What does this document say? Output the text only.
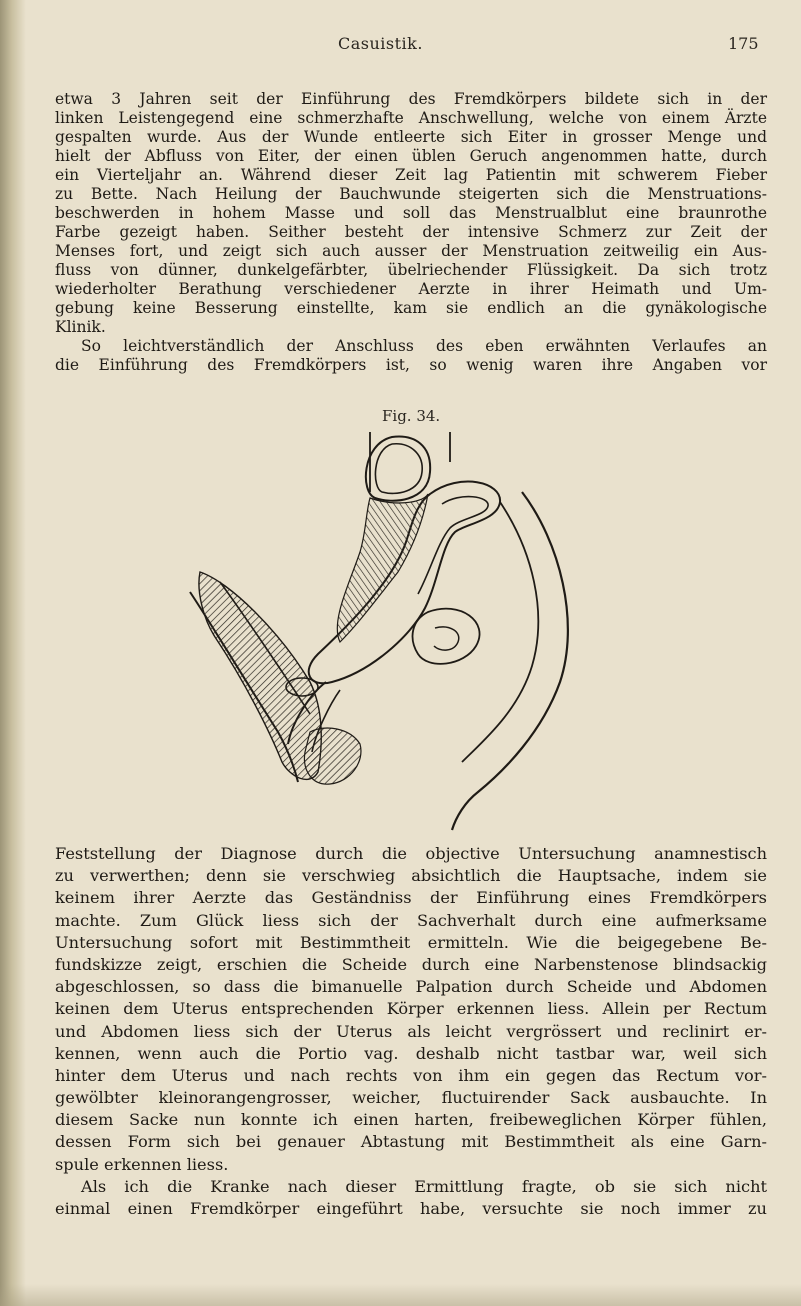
Casuistik.	175
etwa 3 Jahren seit der Einführung des Fremdkörpers bildete sich in der
linken Leistengegend eine schmerzhafte Anschwellung, welche von einem Ärzte
gespalten wurde. Aus der Wunde entleerte sich Eiter in grosser Menge und
hielt der Abfluss von Eiter, der einen üblen Geruch angenommen hatte, durch
ein Vierteljahr an. Während dieser Zeit lag Patientin mit schwerem Fieber
zu Bette. Nach Heilung der Bauchwunde steigerten sich die Menstruations-
beschwerden in hohem Masse und soll das Menstrualblut eine braunrothe
Farbe gezeigt haben. Seither besteht der intensive Schmerz zur Zeit der
Menses fort, und zeigt sich auch ausser der Menstruation zeitweilig ein Aus-
fluss von dünner, dunkelgefärbter, übelriechender Flüssigkeit. Da sich trotz
wiederholter Berathung verschiedener Aerzte in ihrer Heimath und Um-
gebung keine Besserung einstellte, kam sie endlich an die gynäkologische
Klinik.
So leichtverständlich der Anschluss des eben erwähnten Verlaufes an
die Einführung des Fremdkörpers ist, so wenig waren ihre Angaben vor
Fig. 34.
Feststellung der Diagnose durch die objective Untersuchung anamnestisch
zu verwerthen; denn sie verschwieg absichtlich die Hauptsache, indem sie
keinem ihrer Aerzte das Geständniss der Einführung eines Fremdkörpers
machte. Zum Glück liess sich der Sachverhalt durch eine aufmerksame
Untersuchung sofort mit Bestimmtheit ermitteln. Wie die beigegebene Be-
fundskizze zeigt, erschien die Scheide durch eine Narbenstenose blindsackig
abgeschlossen, so dass die bimanuelle Palpation durch Scheide und Abdomen
keinen dem Uterus entsprechenden Körper erkennen liess. Allein per Rectum
und Abdomen liess sich der Uterus als leicht vergrössert und reclinirt er-
kennen, wenn auch die Portio vag. deshalb nicht tastbar war, weil sich
hinter dem Uterus und nach rechts von ihm ein gegen das Rectum vor-
gewölbter kleinorangengrosser, weicher, fluctuirender Sack ausbauchte. In
diesem Sacke nun konnte ich einen harten, freibeweglichen Körper fühlen,
dessen Form sich bei genauer Abtastung mit Bestimmtheit als eine Garn-
spule erkennen liess.
Als ich die Kranke nach dieser Ermittlung fragte, ob sie sich nicht
einmal einen Fremdkörper eingeführt habe, versuchte sie noch immer zu
